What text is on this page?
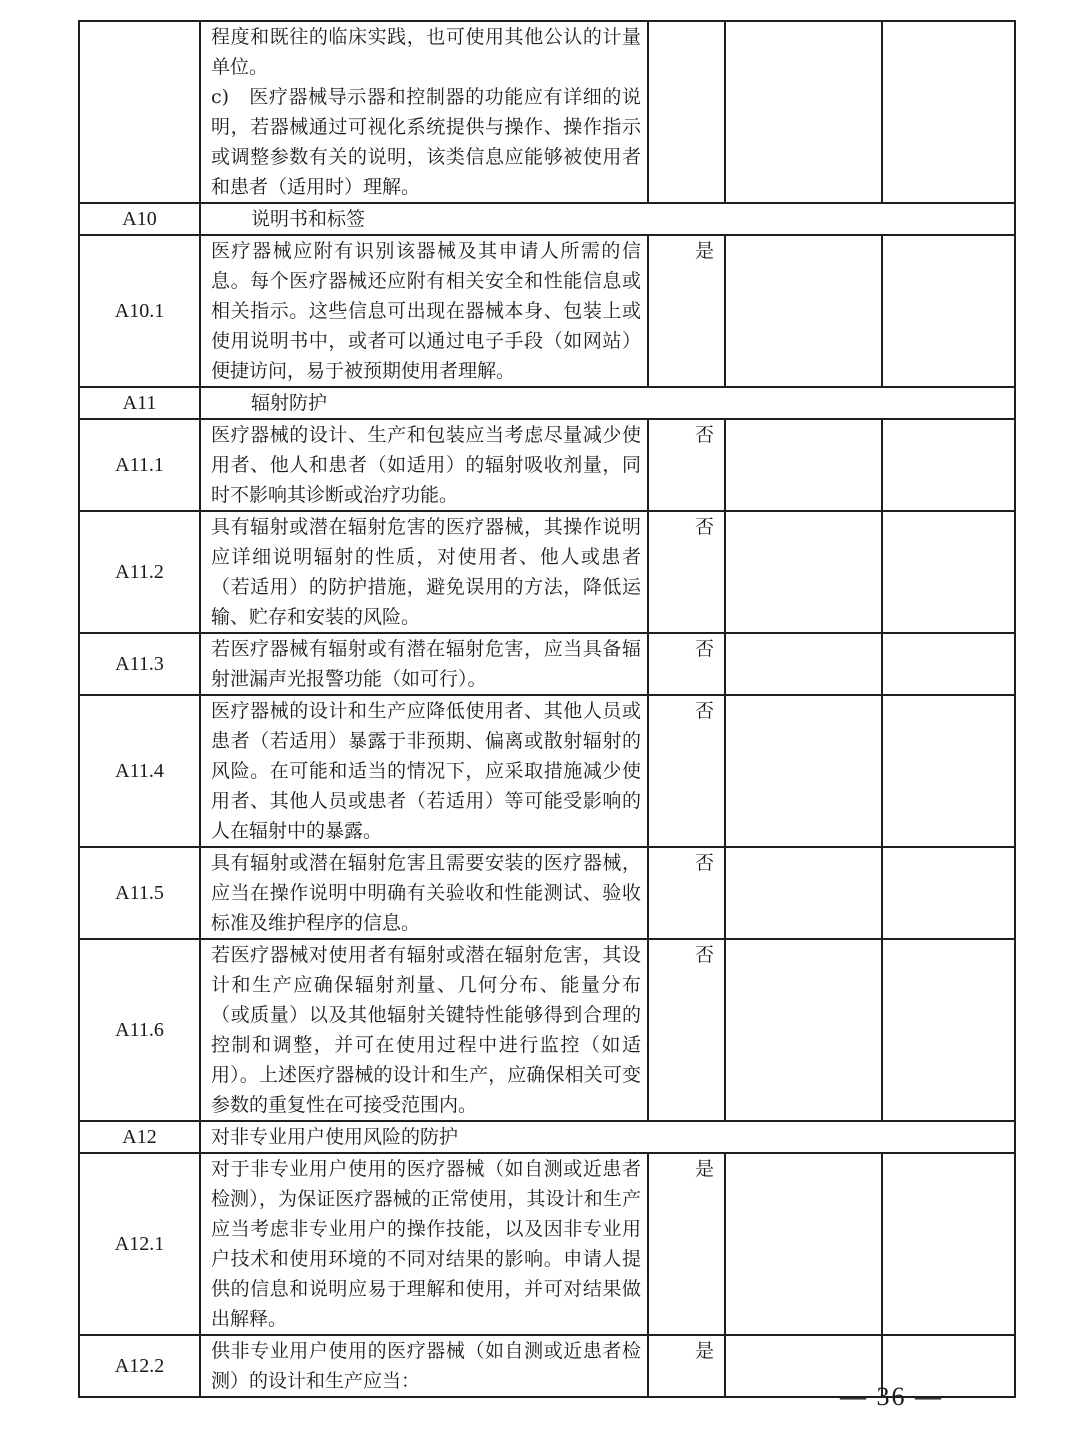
	程度和既往的临床实践，也可使用其他公认的计量单位。
c)　医疗器械导示器和控制器的功能应有详细的说明，若器械通过可视化系统提供与操作、操作指示或调整参数有关的说明，该类信息应能够被使用者和患者（适用时）理解。			
A10	说明书和标签			
A10.1	医疗器械应附有识别该器械及其申请人所需的信息。每个医疗器械还应附有相关安全和性能信息或相关指示。这些信息可出现在器械本身、包装上或使用说明书中，或者可以通过电子手段（如网站）便捷访问，易于被预期使用者理解。	是		
A11	辐射防护			
A11.1	医疗器械的设计、生产和包装应当考虑尽量减少使用者、他人和患者（如适用）的辐射吸收剂量，同时不影响其诊断或治疗功能。	否		
A11.2	具有辐射或潜在辐射危害的医疗器械，其操作说明应详细说明辐射的性质，对使用者、他人或患者（若适用）的防护措施，避免误用的方法，降低运输、贮存和安装的风险。	否		
A11.3	若医疗器械有辐射或有潜在辐射危害，应当具备辐射泄漏声光报警功能（如可行）。	否		
A11.4	医疗器械的设计和生产应降低使用者、其他人员或患者（若适用）暴露于非预期、偏离或散射辐射的风险。在可能和适当的情况下，应采取措施减少使用者、其他人员或患者（若适用）等可能受影响的人在辐射中的暴露。	否		
A11.5	具有辐射或潜在辐射危害且需要安装的医疗器械，应当在操作说明中明确有关验收和性能测试、验收标准及维护程序的信息。	否		
A11.6	若医疗器械对使用者有辐射或潜在辐射危害，其设计和生产应确保辐射剂量、几何分布、能量分布（或质量）以及其他辐射关键特性能够得到合理的控制和调整，并可在使用过程中进行监控（如适用）。上述医疗器械的设计和生产，应确保相关可变参数的重复性在可接受范围内。	否		
A12	对非专业用户使用风险的防护			
A12.1	对于非专业用户使用的医疗器械（如自测或近患者检测），为保证医疗器械的正常使用，其设计和生产应当考虑非专业用户的操作技能，以及因非专业用户技术和使用环境的不同对结果的影响。申请人提供的信息和说明应易于理解和使用，并可对结果做出解释。	是		
A12.2	供非专业用户使用的医疗器械（如自测或近患者检测）的设计和生产应当：	是		
— 36 —
